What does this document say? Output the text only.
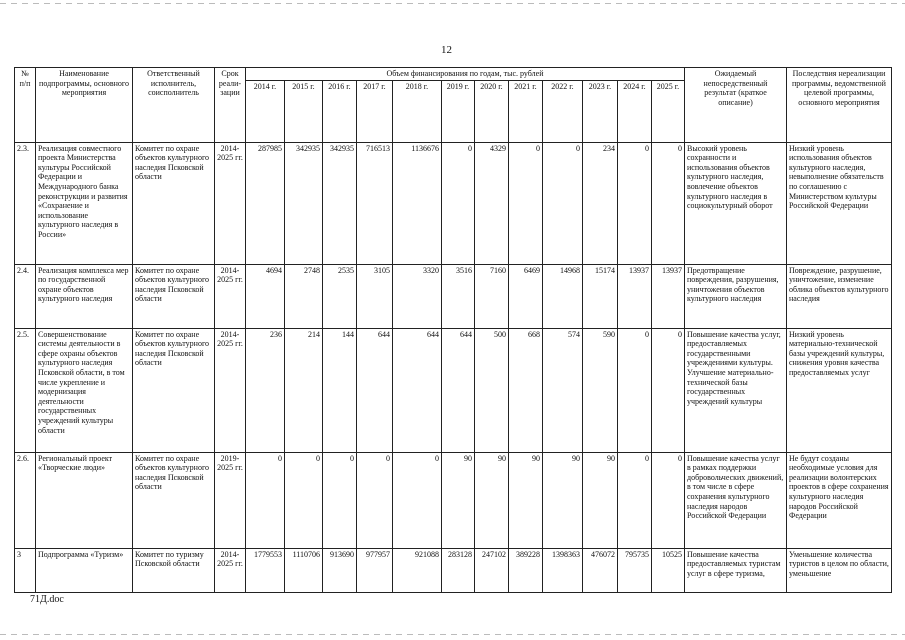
12
№ п/п	Наименование подпрограммы, основного мероприятия	Ответственный исполнитель, соисполнитель	Срок реали-зации	Объем финансирования по годам, тыс. рублей												Ожидаемый непосредственный результат (краткое описание)	Последствия нереализации программы, ведомственной целевой программы, основного мероприятия
				2014 г.	2015 г.	2016 г.	2017 г.	2018 г.	2019 г.	2020 г.	2021 г.	2022 г.	2023 г.	2024 г.	2025 г.		
2.3.	Реализация совместного проекта Министерства культуры Российской Федерации и Международного банка реконструкции и развития «Сохранение и использование культурного наследия в России»	Комитет по охране объектов культурного наследия Псковской области	2014-2025 гг.	287985	342935	342935	716513	1136676	0	4329	0	0	234	0	0	Высокий уровень сохранности и использования объектов культурного наследия, вовлечение объектов культурного наследия в социокультурный оборот	Низкий уровень использования объектов культурного наследия, невыполнение обязательств по соглашению с Министерством культуры Российской Федерации
2.4.	Реализация комплекса мер по государственной охране объектов культурного наследия	Комитет по охране объектов культурного наследия Псковской области	2014-2025 гг.	4694	2748	2535	3105	3320	3516	7160	6469	14968	15174	13937	13937	Предотвращение повреждения, разрушения, уничтожения объектов культурного наследия	Повреждение, разрушение, уничтожение, изменение облика объектов культурного наследия
2.5.	Совершенствование системы деятельности в сфере охраны объектов культурного наследия Псковской области, в том числе укрепление и модернизация деятельности государственных учреждений культуры области	Комитет по охране объектов культурного наследия Псковской области	2014-2025 гг.	236	214	144	644	644	644	500	668	574	590	0	0	Повышение качества услуг, предоставляемых государственными учреждениями культуры. Улучшение материально-технической базы государственных учреждений культуры	Низкий уровень материально-технической базы учреждений культуры, снижения уровня качества предоставляемых услуг
2.6.	Региональный проект «Творческие люди»	Комитет по охране объектов культурного наследия Псковской области	2019-2025 гг.	0	0	0	0	0	90	90	90	90	90	0	0	Повышение качества услуг в рамках поддержки добровольческих движений, в том числе в сфере сохранения культурного наследия народов Российской Федерации	Не будут созданы необходимые условия для реализации волонтерских проектов в сфере сохранения культурного наследия народов Российской Федерации
3	Подпрограмма «Туризм»	Комитет по туризму Псковской области	2014-2025 гг.	1779553	1110706	913690	977957	921088	283128	247102	389228	1398363	476072	795735	10525	Повышение качества предоставляемых туристам услуг в сфере туризма,	Уменьшение количества туристов в целом по области, уменьшение
71Д.doc
